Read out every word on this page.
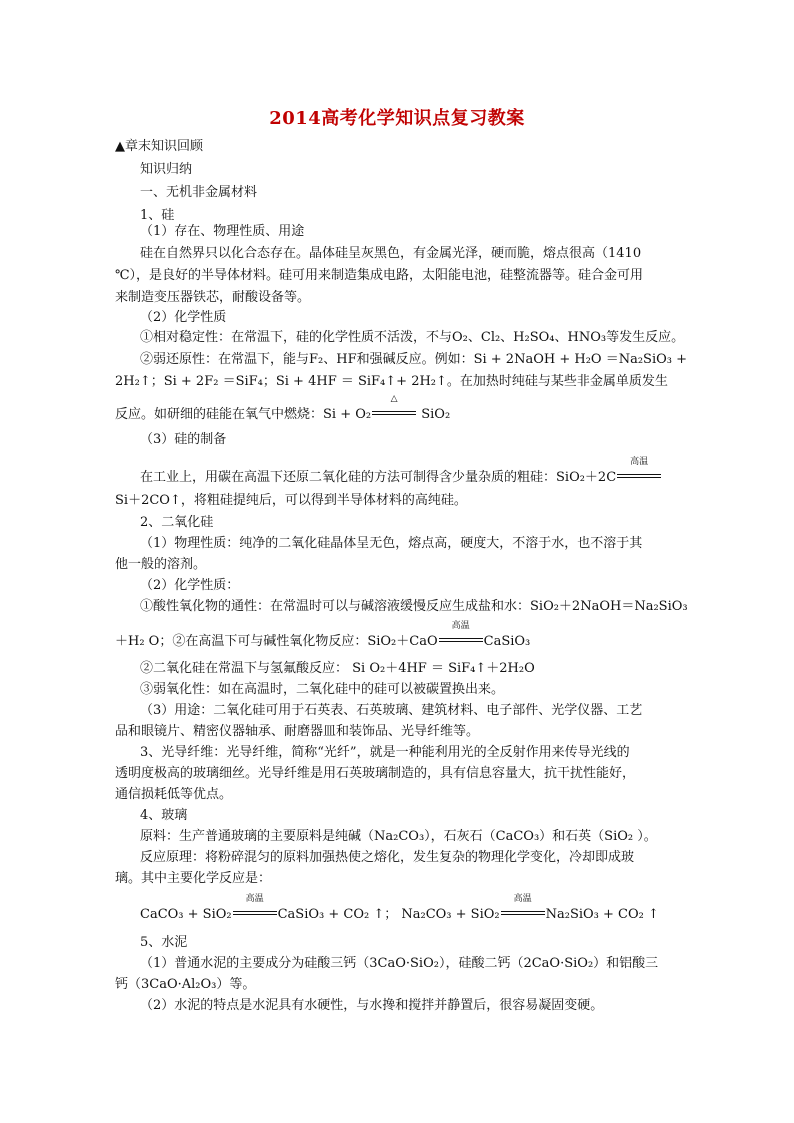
2014高考化学知识点复习教案
▲章末知识回顾
知识归纳
一、无机非金属材料
1、硅
（1）存在、物理性质、用途
硅在自然界只以化合态存在。晶体硅呈灰黑色，有金属光泽，硬而脆，熔点很高（1410
℃），是良好的半导体材料。硅可用来制造集成电路，太阳能电池，硅整流器等。硅合金可用
来制造变压器铁芯，耐酸设备等。
（2）化学性质
①相对稳定性：在常温下，硅的化学性质不活泼，不与O₂、Cl₂、H₂SO₄、HNO₃等发生反应。
②弱还原性：在常温下，能与F₂、HF和强碱反应。例如：Si + 2NaOH + H₂O ＝Na₂SiO₃ +
2H₂↑；Si + 2F₂ ＝SiF₄；Si + 4HF ＝ SiF₄↑+ 2H₂↑。在加热时纯硅与某些非金属单质发生
反应。如研细的硅能在氧气中燃烧：Si + O₂
△
SiO₂
（3）硅的制备
在工业上，用碳在高温下还原二氧化硅的方法可制得含少量杂质的粗硅：SiO₂＋2C
高温
Si＋2CO↑，将粗硅提纯后，可以得到半导体材料的高纯硅。
2、二氧化硅
（1）物理性质：纯净的二氧化硅晶体呈无色，熔点高，硬度大，不溶于水，也不溶于其
他一般的溶剂。
（2）化学性质：
①酸性氧化物的通性：在常温时可以与碱溶液缓慢反应生成盐和水：SiO₂＋2NaOH＝Na₂SiO₃
＋H₂ O；②在高温下可与碱性氧化物反应：SiO₂＋CaO
高温
CaSiO₃
②二氧化硅在常温下与氢氟酸反应： Si O₂＋4HF ＝ SiF₄↑＋2H₂O
③弱氧化性：如在高温时，二氧化硅中的硅可以被碳置换出来。
（3）用途：二氧化硅可用于石英表、石英玻璃、建筑材料、电子部件、光学仪器、工艺
品和眼镜片、精密仪器轴承、耐磨器皿和装饰品、光导纤维等。
3、光导纤维：光导纤维，简称“光纤”，就是一种能利用光的全反射作用来传导光线的
透明度极高的玻璃细丝。光导纤维是用石英玻璃制造的，具有信息容量大，抗干扰性能好，
通信损耗低等优点。
4、玻璃
原料：生产普通玻璃的主要原料是纯碱（Na₂CO₃），石灰石（CaCO₃）和石英（SiO₂ ）。
反应原理：将粉碎混匀的原料加强热使之熔化，发生复杂的物理化学变化，冷却即成玻
璃。其中主要化学反应是：
CaCO₃ + SiO₂
高温
CaSiO₃ + CO₂ ↑； Na₂CO₃ + SiO₂
高温
Na₂SiO₃ + CO₂ ↑
5、水泥
（1）普通水泥的主要成分为硅酸三钙（3CaO·SiO₂），硅酸二钙（2CaO·SiO₂）和铝酸三
钙（3CaO·Al₂O₃）等。
（2）水泥的特点是水泥具有水硬性，与水搀和搅拌并静置后，很容易凝固变硬。
